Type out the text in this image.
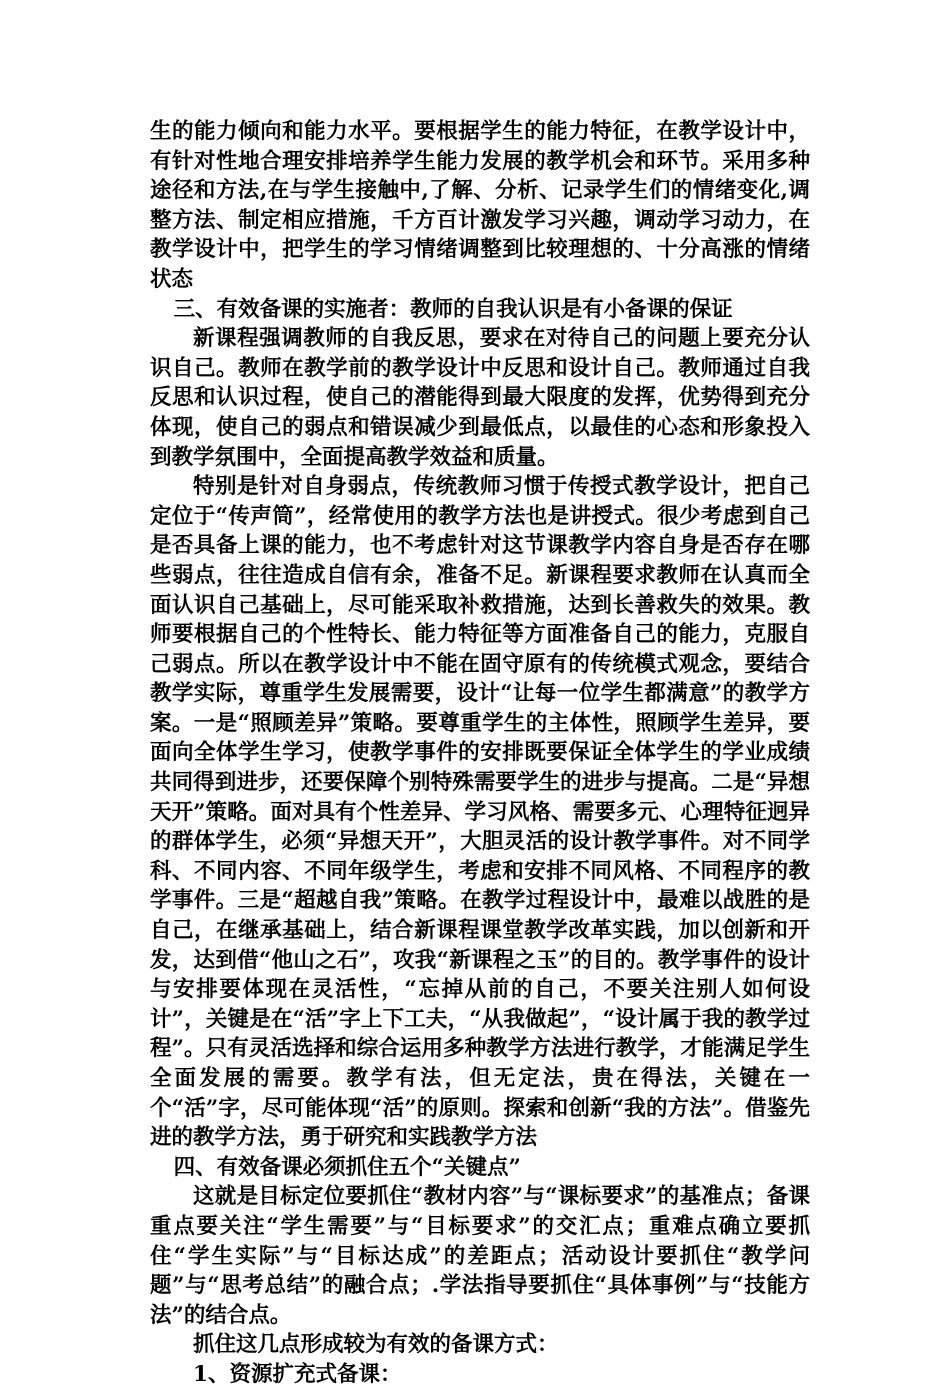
生的能力倾向和能力水平。要根据学生的能力特征，在教学设计中，有针对性地合理安排培养学生能力发展的教学机会和环节。采用多种途径和方法,在与学生接触中,了解、分析、记录学生们的情绪变化,调整方法、制定相应措施，千方百计激发学习兴趣，调动学习动力，在教学设计中，把学生的学习情绪调整到比较理想的、十分高涨的情绪状态

三、有效备课的实施者：教师的自我认识是有小备课的保证

新课程强调教师的自我反思，要求在对待自己的问题上要充分认识自己。教师在教学前的教学设计中反思和设计自己。教师通过自我反思和认识过程，使自己的潜能得到最大限度的发挥，优势得到充分体现，使自己的弱点和错误减少到最低点，以最佳的心态和形象投入到教学氛围中，全面提高教学效益和质量。

特别是针对自身弱点，传统教师习惯于传授式教学设计，把自己定位于“传声筒”，经常使用的教学方法也是讲授式。很少考虑到自己是否具备上课的能力，也不考虑针对这节课教学内容自身是否存在哪些弱点，往往造成自信有余，准备不足。新课程要求教师在认真而全面认识自己基础上，尽可能采取补救措施，达到长善救失的效果。教师要根据自己的个性特长、能力特征等方面准备自己的能力，克服自己弱点。所以在教学设计中不能在固守原有的传统模式观念，要结合教学实际，尊重学生发展需要，设计“让每一位学生都满意”的教学方案。一是“照顾差异”策略。要尊重学生的主体性，照顾学生差异，要面向全体学生学习，使教学事件的安排既要保证全体学生的学业成绩共同得到进步，还要保障个别特殊需要学生的进步与提高。二是“异想天开”策略。面对具有个性差异、学习风格、需要多元、心理特征迥异的群体学生，必须“异想天开”，大胆灵活的设计教学事件。对不同学科、不同内容、不同年级学生，考虑和安排不同风格、不同程序的教学事件。三是“超越自我”策略。在教学过程设计中，最难以战胜的是自己，在继承基础上，结合新课程课堂教学改革实践，加以创新和开发，达到借“他山之石”，攻我“新课程之玉”的目的。教学事件的设计与安排要体现在灵活性，“忘掉从前的自己，不要关注别人如何设计”，关键是在“活”字上下工夫，“从我做起”，“设计属于我的教学过程”。只有灵活选择和综合运用多种教学方法进行教学，才能满足学生全面发展的需要。教学有法，但无定法，贵在得法，关键在一个“活”字，尽可能体现“活”的原则。探索和创新“我的方法”。借鉴先进的教学方法，勇于研究和实践教学方法

四、有效备课必须抓住五个“关键点”

这就是目标定位要抓住“教材内容”与“课标要求”的基准点；备课重点要关注“学生需要”与“目标要求”的交汇点；重难点确立要抓住“学生实际”与“目标达成”的差距点；活动设计要抓住“教学问题”与“思考总结”的融合点；.学法指导要抓住“具体事例”与“技能方法”的结合点。

抓住这几点形成较为有效的备课方式：

1、资源扩充式备课：
